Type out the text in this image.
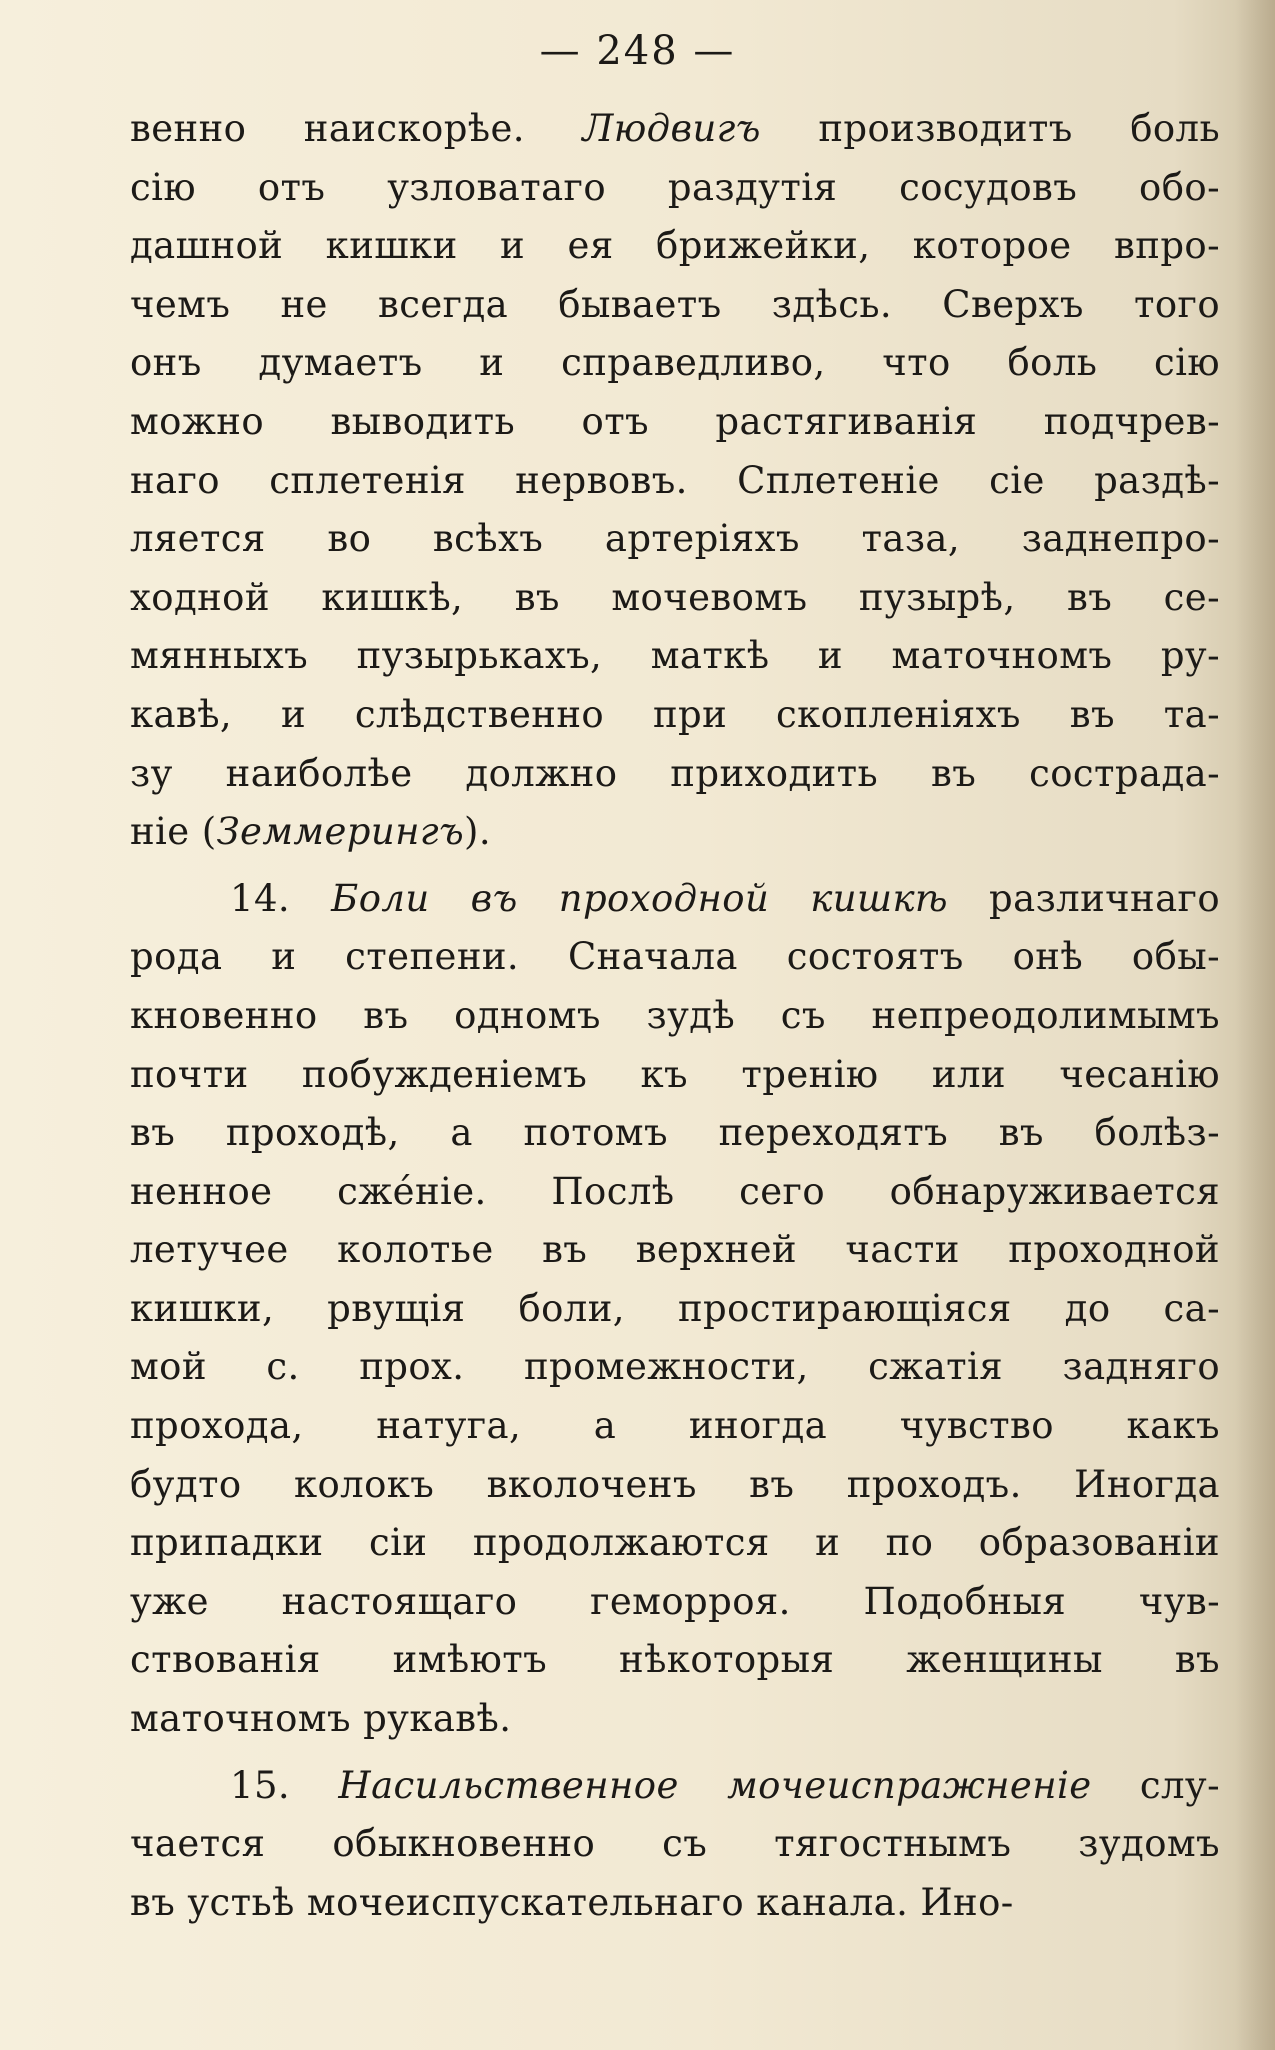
— 248 —
венно наискорѣе. Людвигъ производитъ боль
сію отъ узловатаго раздутія сосудовъ обо-
дашной кишки и ея брижейки, которое впро-
чемъ не всегда бываетъ здѣсь. Сверхъ того
онъ думаетъ и справедливо, что боль сію
можно выводить отъ растягиванія подчрев-
наго сплетенія нервовъ. Сплетеніе сіе раздѣ-
ляется во всѣхъ артеріяхъ таза, заднепро-
ходной кишкѣ, въ мочевомъ пузырѣ, въ се-
мянныхъ пузырькахъ, маткѣ и маточномъ ру-
кавѣ, и слѣдственно при скопленіяхъ въ та-
зу наиболѣе должно приходить въ сострада-
ніе (Земмерингъ).
14. Боли въ проходной кишкѣ различнаго
рода и степени. Сначала состоятъ онѣ обы-
кновенно въ одномъ зудѣ съ непреодолимымъ
почти побужденіемъ къ тренію или чесанію
въ проходѣ, а потомъ переходятъ въ болѣз-
ненное сжéніе. Послѣ сего обнаруживается
летучее колотье въ верхней части проходной
кишки, рвущія боли, простирающіяся до са-
мой с. прох. промежности, сжатія задняго
прохода, натуга, а иногда чувство какъ
будто колокъ вколоченъ въ проходъ. Иногда
припадки сіи продолжаются и по образованіи
уже настоящаго геморроя. Подобныя чув-
ствованія имѣютъ нѣкоторыя женщины въ
маточномъ рукавѣ.
15. Насильственное мочеиспражненіе слу-
чается обыкновенно съ тягостнымъ зудомъ
въ устьѣ мочеиспускательнаго канала. Ино-
